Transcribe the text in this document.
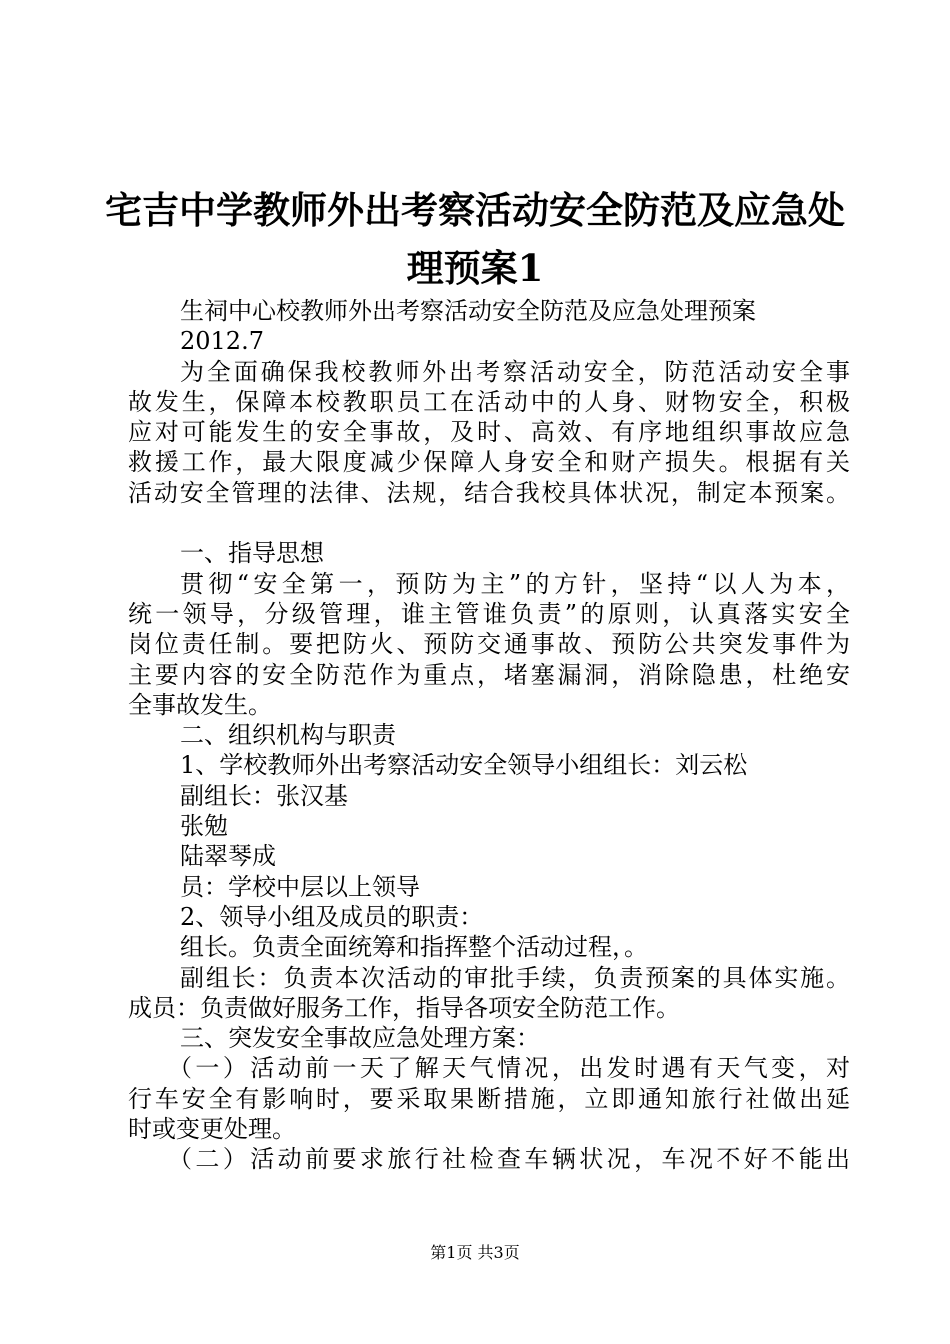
宅吉中学教师外出考察活动安全防范及应急处
理预案1

生祠中心校教师外出考察活动安全防范及应急处理预案

2012.7

为全面确保我校教师外出考察活动安全，防范活动安全事

故发生，保障本校教职员工在活动中的人身、财物安全，积极

应对可能发生的安全事故，及时、高效、有序地组织事故应急

救援工作，最大限度减少保障人身安全和财产损失。根据有关

活动安全管理的法律、法规，结合我校具体状况，制定本预案。

一、指导思想

贯彻“安全第一，预防为主”的方针，坚持“以人为本，

统一领导，分级管理，谁主管谁负责”的原则，认真落实安全

岗位责任制。要把防火、预防交通事故、预防公共突发事件为

主要内容的安全防范作为重点，堵塞漏洞，消除隐患，杜绝安

全事故发生。

二、组织机构与职责

1、学校教师外出考察活动安全领导小组组长：刘云松

副组长：张汉基

张勉

陆翠琴成

员：学校中层以上领导

2、领导小组及成员的职责：

组长。负责全面统筹和指挥整个活动过程，。

副组长：负责本次活动的审批手续，负责预案的具体实施。

成员：负责做好服务工作，指导各项安全防范工作。

三、突发安全事故应急处理方案：

（一）活动前一天了解天气情况，出发时遇有天气变，对

行车安全有影响时，要采取果断措施，立即通知旅行社做出延

时或变更处理。

（二）活动前要求旅行社检查车辆状况，车况不好不能出

第1页 共3页
